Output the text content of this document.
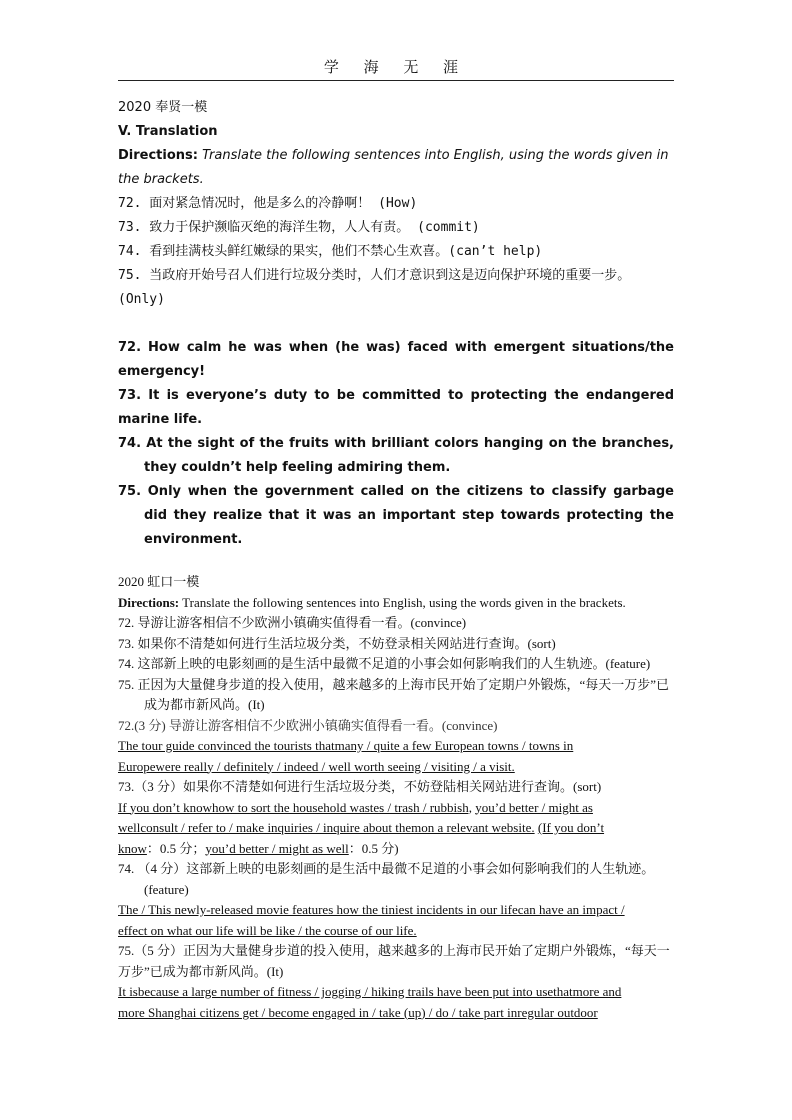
学 海 无 涯
2020 奉贤一模
V. Translation
Directions: Translate the following sentences into English, using the words given in the brackets.
72. 面对紧急情况时，他是多么的冷静啊！ (How)
73. 致力于保护濒临灭绝的海洋生物，人人有责。 (commit)
74. 看到挂满枝头鲜红嫩绿的果实，他们不禁心生欢喜。(can’t help)
75. 当政府开始号召人们进行垃圾分类时，人们才意识到这是迈向保护环境的重要一步。(Only)
72. How calm he was when (he was) faced with emergent situations/the emergency!
73. It is everyone’s duty to be committed to protecting the endangered marine life.
74. At the sight of the fruits with brilliant colors hanging on the branches, they couldn’t help feeling admiring them.
75. Only when the government called on the citizens to classify garbage did they realize that it was an important step towards protecting the environment.
2020 虹口一模
Directions: Translate the following sentences into English, using the words given in the brackets.
72. 导游让游客相信不少欧洲小镇确实值得看一看。(convince)
73. 如果你不清楚如何进行生活垃圾分类，不妨登录相关网站进行查询。(sort)
74. 这部新上映的电影刻画的是生活中最微不足道的小事会如何影响我们的人生轨迹。(feature)
75. 正因为大量健身步道的投入使用，越来越多的上海市民开始了定期户外锻炼，“每天一万步”已成为都市新风尚。(It)
72.(3 分) 导游让游客相信不少欧洲小镇确实值得看一看。(convince)
The tour guide convinced the tourists thatmany / quite a few European towns / towns in
Europewere really / definitely / indeed / well worth seeing / visiting / a visit.
73.（3 分）如果你不清楚如何进行生活垃圾分类，不妨登陆相关网站进行查询。(sort)
If you don’t knowhow to sort the household wastes / trash / rubbish, you’d better / might as
wellconsult / refer to / make inquiries / inquire about themon a relevant website. (If you don’t
know：0.5 分；you’d better / might as well：0.5 分)
74. （4 分）这部新上映的电影刻画的是生活中最微不足道的小事会如何影响我们的人生轨迹。(feature)
The / This newly-released movie features how the tiniest incidents in our lifecan have an impact /
effect on what our life will be like / the course of our life.
75.（5 分）正因为大量健身步道的投入使用，越来越多的上海市民开始了定期户外锻炼，“每天一万步”已成为都市新风尚。(It)
It isbecause a large number of fitness / jogging / hiking trails have been put into usethatmore and
more Shanghai citizens get / become engaged in / take (up) / do / take part inregular outdoor
